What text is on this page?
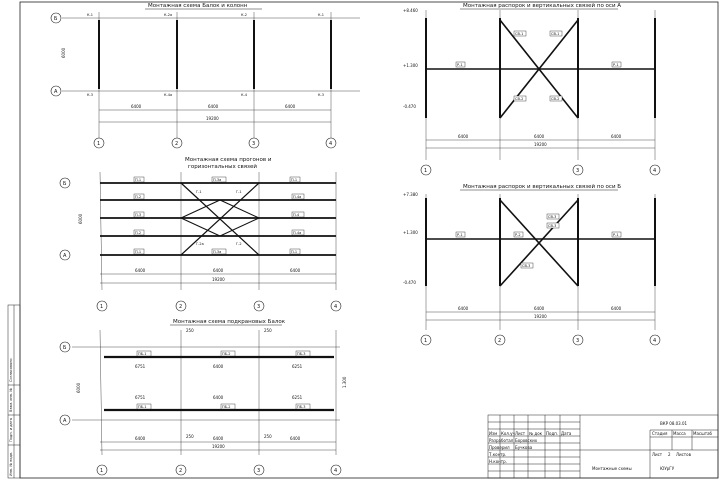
Согласовано
Взам. инв. №
Подп. и дата
Инв. № подл.
Монтажная схема Балок и колонн
Б
А
К-1	К-2а	К-2	К-1
К-3	К-4а	К-4	К-3
6000
6400	6400	6400
19200
1	2	3	4
Монтажная схема прогонов и
горизонтальных связей
Б
А
6000
П-1	П-3а	П-1
П-2	П-4а
П-3	П-4
П-2	П-4а
П-1	П-3а	П-1
Г-1	Г-1
Г-2а	Г-2
6400	6400	6400
19200
1	2	3	4
Монтажная схема подкрановых Балок
Б
А
6000
ПБ-1	ПБ-2	ПБ-3
ПБ-1	ПБ-2	ПБ-3
6751	6400	6251
6751	6400	6251
250	250
250	250
1.300
6400	6400	6400
19200
1	2	3	4
Монтажная распорок и вертикальных связей по оси А
+8.460
+1.300
-0.470
Р-1	Р-1
СВ-1	СВ-1
СВ-2	СВ-2
6400	6400	6400
19200
1	3	4
Монтажная распорок и вертикальных связей по оси Б
+7.380
+1.300
-0.470
Р-1	Р-2	Р-1
СВ-3
СВ-3
СВ-3
6400	6400	6400
19200
1	2	3	4
Изм Кол.уч Лист № док Подп. Дата
Разработал Боровских
Проверил Бучкова
Т.контр.
Н.контр.
Стадия Масса Масштаб
Лист 2 Листов
ЮУрГУ
Монтажные схемы
ВКР 08.03.01
